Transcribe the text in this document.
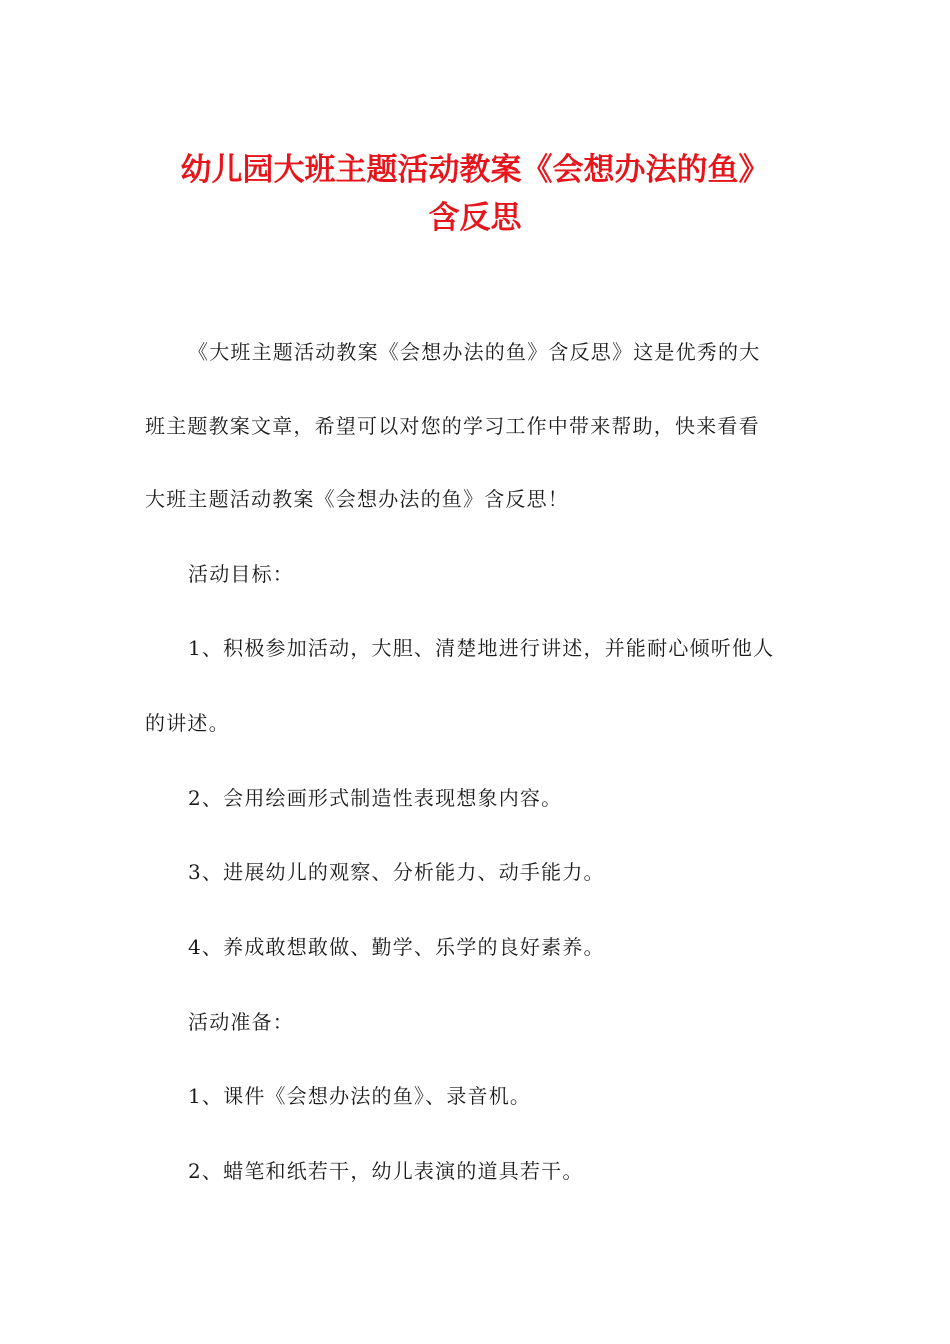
幼儿园大班主题活动教案《会想办法的鱼》
含反思
《大班主题活动教案《会想办法的鱼》含反思》这是优秀的大
班主题教案文章，希望可以对您的学习工作中带来帮助，快来看看
大班主题活动教案《会想办法的鱼》含反思！
活动目标：
1、积极参加活动，大胆、清楚地进行讲述，并能耐心倾听他人
的讲述。
2、会用绘画形式制造性表现想象内容。
3、进展幼儿的观察、分析能力、动手能力。
4、养成敢想敢做、勤学、乐学的良好素养。
活动准备：
1、课件《会想办法的鱼》、录音机。
2、蜡笔和纸若干，幼儿表演的道具若干。
